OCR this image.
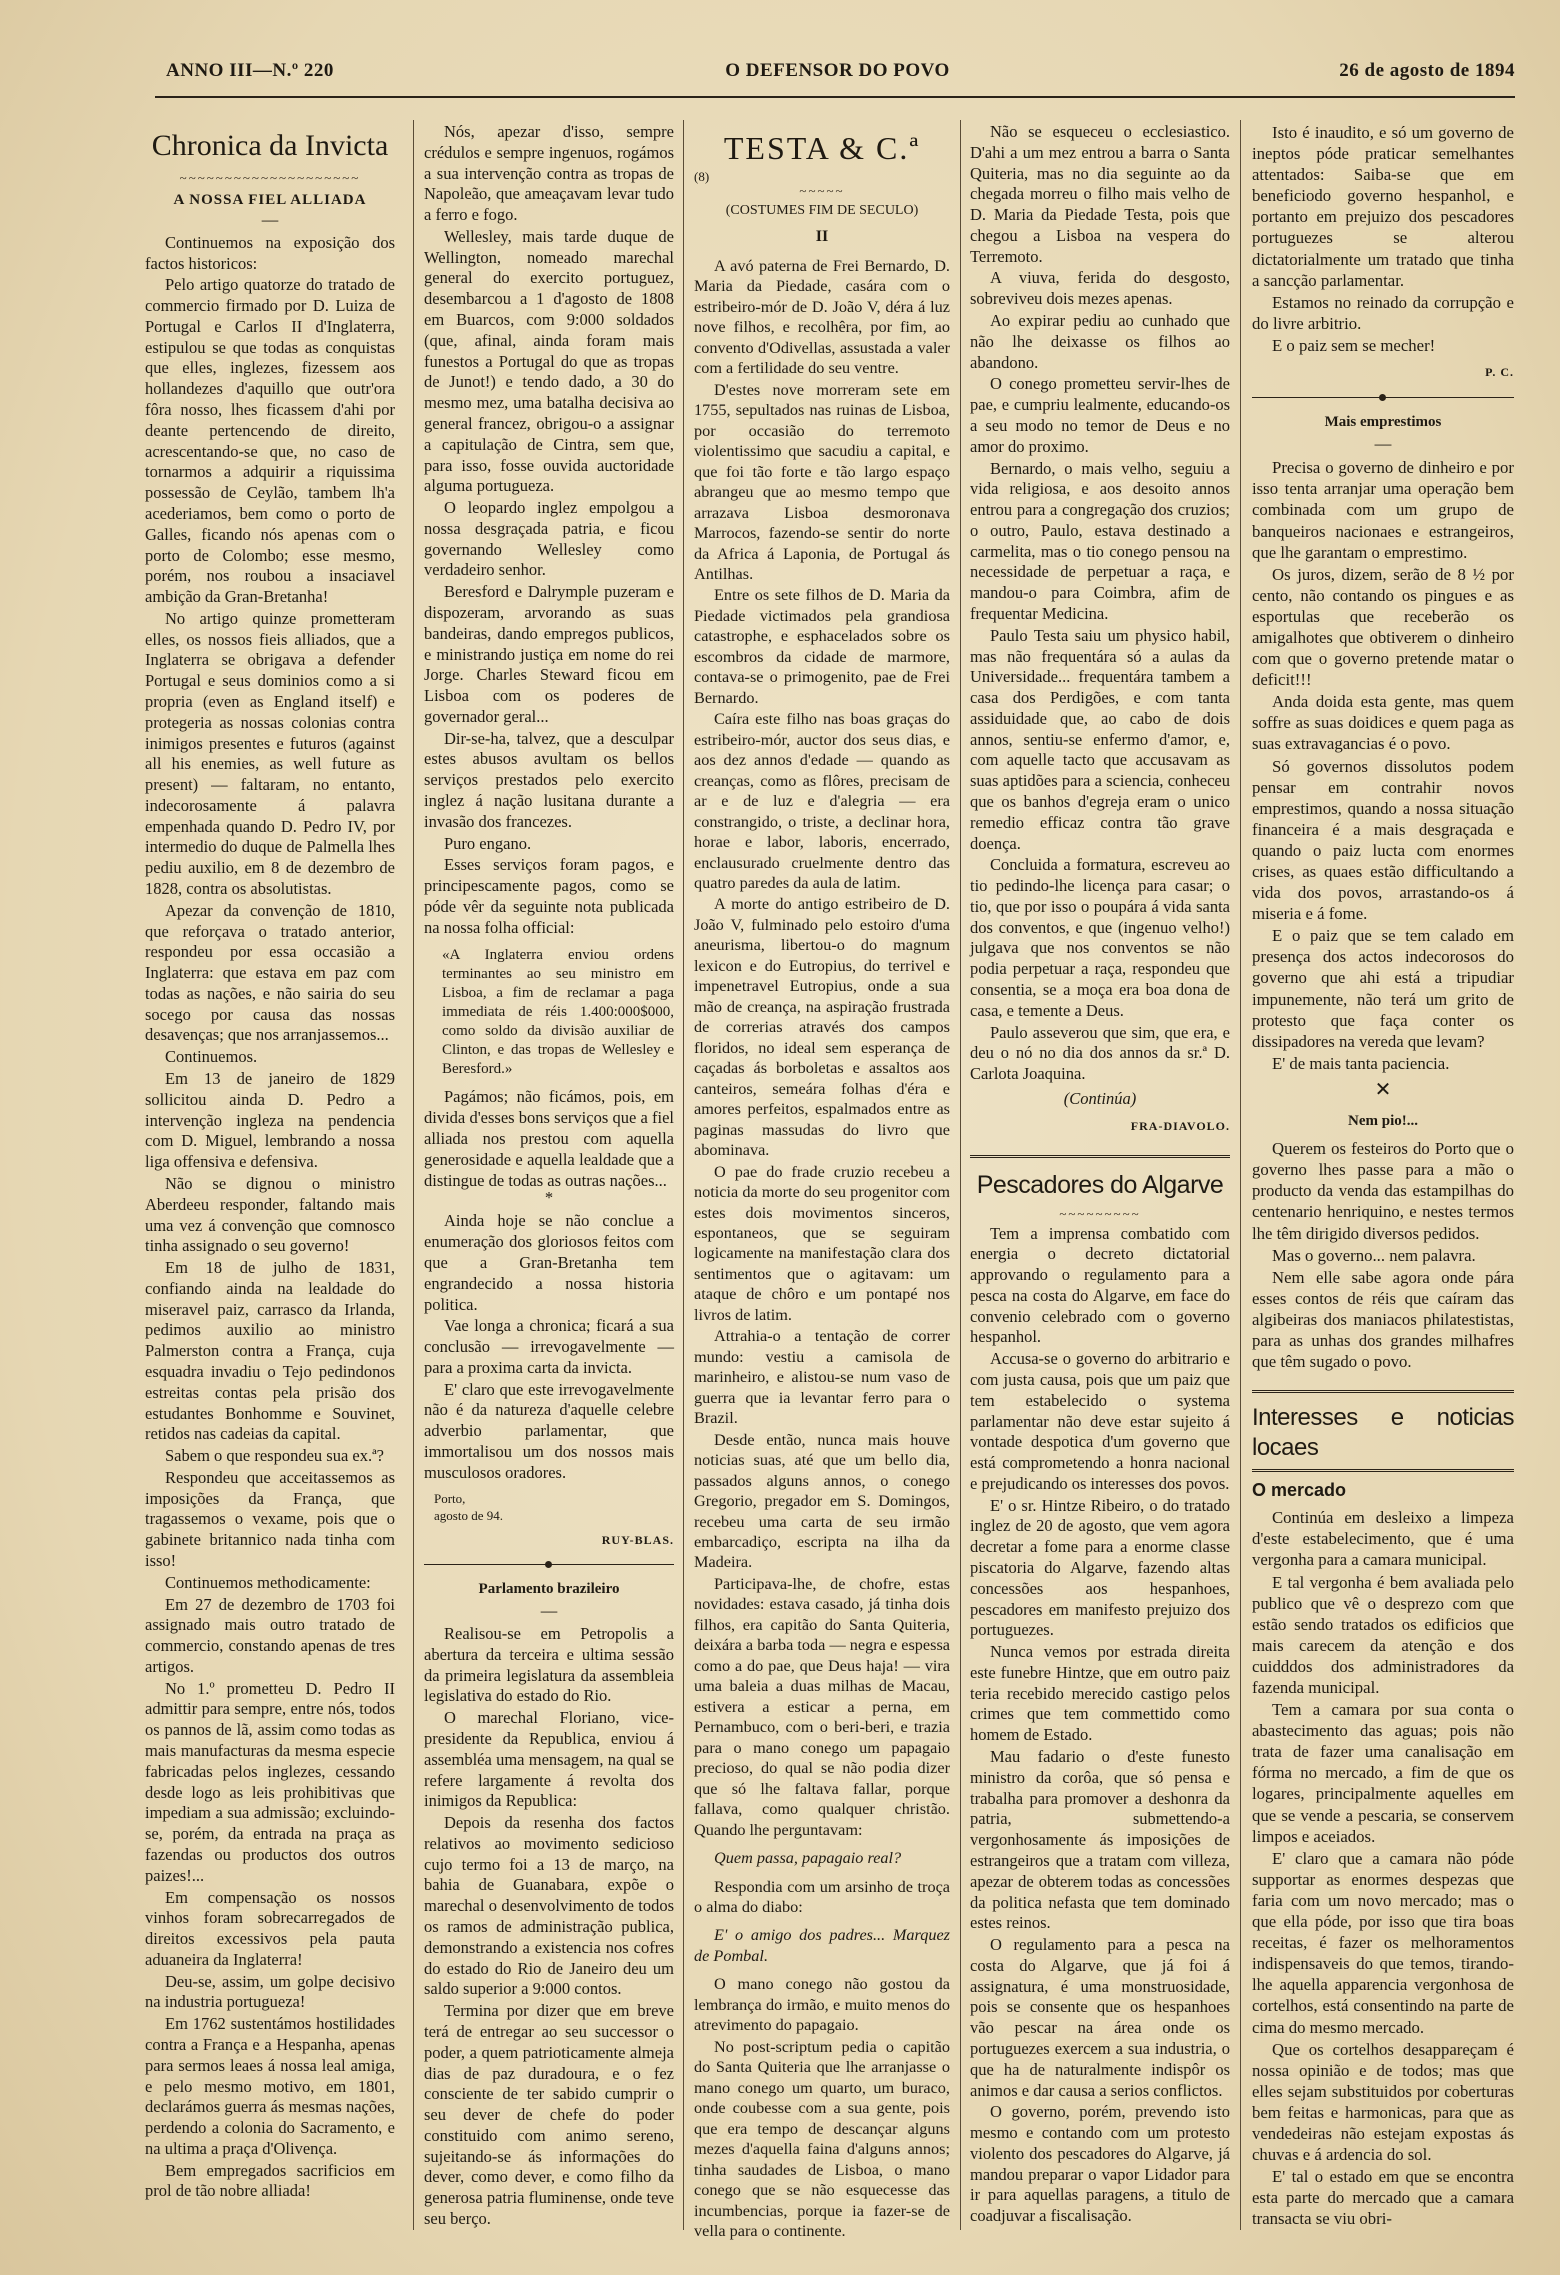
ANNO III—N.º 220	O DEFENSOR DO POVO	26 de agosto de 1894
Chronica da Invicta
~~~~~~~~~~~~~~~~~~~~
A NOSSA FIEL ALLIADA
—

Continuemos na exposição dos factos historicos:

Pelo artigo quatorze do tratado de commercio firmado por D. Luiza de Portugal e Carlos II d'Inglaterra, estipulou se que todas as conquistas que elles, inglezes, fizessem aos hollandezes d'aquillo que outr'ora fôra nosso, lhes ficassem d'ahi por deante pertencendo de direito, acrescentando-se que, no caso de tornarmos a adquirir a riquissima possessão de Ceylão, tambem lh'a acederiamos, bem como o porto de Galles, ficando nós apenas com o porto de Colombo; esse mesmo, porém, nos roubou a insaciavel ambição da Gran-Bretanha!

No artigo quinze prometteram elles, os nossos fieis alliados, que a Inglaterra se obrigava a defender Portugal e seus dominios como a si propria (even as England itself) e protegeria as nossas colonias contra inimigos presentes e futuros (against all his enemies, as well future as present) — faltaram, no entanto, indecorosamente á palavra empenhada quando D. Pedro IV, por intermedio do duque de Palmella lhes pediu auxilio, em 8 de dezembro de 1828, contra os absolutistas.

Apezar da convenção de 1810, que reforçava o tratado anterior, respondeu por essa occasião a Inglaterra: que estava em paz com todas as nações, e não sairia do seu socego por causa das nossas desavenças; que nos arranjassemos...

Continuemos.

Em 13 de janeiro de 1829 sollicitou ainda D. Pedro a intervenção ingleza na pendencia com D. Miguel, lembrando a nossa liga offensiva e defensiva.

Não se dignou o ministro Aberdeeu responder, faltando mais uma vez á convenção que comnosco tinha assignado o seu governo!

Em 18 de julho de 1831, confiando ainda na lealdade do miseravel paiz, carrasco da Irlanda, pedimos auxilio ao ministro Palmerston contra a França, cuja esquadra invadiu o Tejo pedindonos estreitas contas pela prisão dos estudantes Bonhomme e Souvinet, retidos nas cadeias da capital.

Sabem o que respondeu sua ex.ª?

Respondeu que acceitassemos as imposições da França, que tragassemos o vexame, pois que o gabinete britannico nada tinha com isso!

Continuemos methodicamente:

Em 27 de dezembro de 1703 foi assignado mais outro tratado de commercio, constando apenas de tres artigos.

No 1.º prometteu D. Pedro II admittir para sempre, entre nós, todos os pannos de lã, assim como todas as mais manufacturas da mesma especie fabricadas pelos inglezes, cessando desde logo as leis prohibitivas que impediam a sua admissão; excluindo-se, porém, da entrada na praça as fazendas ou productos dos outros paizes!...

Em compensação os nossos vinhos foram sobrecarregados de direitos excessivos pela pauta aduaneira da Inglaterra!

Deu-se, assim, um golpe decisivo na industria portugueza!

Em 1762 sustentámos hostilidades contra a França e a Hespanha, apenas para sermos leaes á nossa leal amiga, e pelo mesmo motivo, em 1801, declarámos guerra ás mesmas nações, perdendo a colonia do Sacramento, e na ultima a praça d'Olivença.

Bem empregados sacrificios em prol de tão nobre alliada!

Nós, apezar d'isso, sempre crédulos e sempre ingenuos, rogámos a sua intervenção contra as tropas de Napoleão, que ameaçavam levar tudo a ferro e fogo.

Wellesley, mais tarde duque de Wellington, nomeado marechal general do exercito portuguez, desembarcou a 1 d'agosto de 1808 em Buarcos, com 9:000 soldados (que, afinal, ainda foram mais funestos a Portugal do que as tropas de Junot!) e tendo dado, a 30 do mesmo mez, uma batalha decisiva ao general francez, obrigou-o a assignar a capitulação de Cintra, sem que, para isso, fosse ouvida auctoridade alguma portugueza.

O leopardo inglez empolgou a nossa desgraçada patria, e ficou governando Wellesley como verdadeiro senhor.

Beresford e Dalrymple puzeram e dispozeram, arvorando as suas bandeiras, dando empregos publicos, e ministrando justiça em nome do rei Jorge. Charles Steward ficou em Lisboa com os poderes de governador geral...

Dir-se-ha, talvez, que a desculpar estes abusos avultam os bellos serviços prestados pelo exercito inglez á nação lusitana durante a invasão dos francezes.

Puro engano.

Esses serviços foram pagos, e principescamente pagos, como se póde vêr da seguinte nota publicada na nossa folha official:

«A Inglaterra enviou ordens terminantes ao seu ministro em Lisboa, a fim de reclamar a paga immediata de réis 1.400:000$000, como soldo da divisão auxiliar de Clinton, e das tropas de Wellesley e Beresford.»

Pagámos; não ficámos, pois, em divida d'esses bons serviços que a fiel alliada nos prestou com aquella generosidade e aquella lealdade que a distingue de todas as outras nações...

*

Ainda hoje se não conclue a enumeração dos gloriosos feitos com que a Gran-Bretanha tem engrandecido a nossa historia politica.

Vae longa a chronica; ficará a sua conclusão — irrevogavelmente — para a proxima carta da invicta.

E' claro que este irrevogavelmente não é da natureza d'aquelle celebre adverbio parlamentar, que immortalisou um dos nossos mais musculosos oradores.

Porto,
agosto de 94.
RUY-BLAS.
Parlamento brazileiro
—

Realisou-se em Petropolis a abertura da terceira e ultima sessão da primeira legislatura da assembleia legislativa do estado do Rio.

O marechal Floriano, vice-presidente da Republica, enviou á assembléa uma mensagem, na qual se refere largamente á revolta dos inimigos da Republica:

Depois da resenha dos factos relativos ao movimento sedicioso cujo termo foi a 13 de março, na bahia de Guanabara, expõe o marechal o desenvolvimento de todos os ramos de administração publica, demonstrando a existencia nos cofres do estado do Rio de Janeiro deu um saldo superior a 9:000 contos.

Termina por dizer que em breve terá de entregar ao seu successor o poder, a quem patrioticamente almeja dias de paz duradoura, e o fez consciente de ter sabido cumprir o seu dever de chefe do poder constituido com animo sereno, sujeitando-se ás informações do dever, como dever, e como filho da generosa patria fluminense, onde teve seu berço.

TESTA & C.ª
(8)
~~~~~
(COSTUMES FIM DE SECULO)
II

A avó paterna de Frei Bernardo, D. Maria da Piedade, casára com o estribeiro-mór de D. João V, déra á luz nove filhos, e recolhêra, por fim, ao convento d'Odivellas, assustada a valer com a fertilidade do seu ventre.

D'estes nove morreram sete em 1755, sepultados nas ruinas de Lisboa, por occasião do terremoto violentissimo que sacudiu a capital, e que foi tão forte e tão largo espaço abrangeu que ao mesmo tempo que arrazava Lisboa desmoronava Marrocos, fazendo-se sentir do norte da Africa á Laponia, de Portugal ás Antilhas.

Entre os sete filhos de D. Maria da Piedade victimados pela grandiosa catastrophe, e esphacelados sobre os escombros da cidade de marmore, contava-se o primogenito, pae de Frei Bernardo.

Caíra este filho nas boas graças do estribeiro-mór, auctor dos seus dias, e aos dez annos d'edade — quando as creanças, como as flôres, precisam de ar e de luz e d'alegria — era constrangido, o triste, a declinar hora, horae e labor, laboris, encerrado, enclausurado cruelmente dentro das quatro paredes da aula de latim.

A morte do antigo estribeiro de D. João V, fulminado pelo estoiro d'uma aneurisma, libertou-o do magnum lexicon e do Eutropius, do terrivel e impenetravel Eutropius, onde a sua mão de creança, na aspiração frustrada de correrias através dos campos floridos, no ideal sem esperança de caçadas ás borboletas e assaltos aos canteiros, semeára folhas d'éra e amores perfeitos, espalmados entre as paginas massudas do livro que abominava.

O pae do frade cruzio recebeu a noticia da morte do seu progenitor com estes dois movimentos sinceros, espontaneos, que se seguiram logicamente na manifestação clara dos sentimentos que o agitavam: um ataque de chôro e um pontapé nos livros de latim.

Attrahia-o a tentação de correr mundo: vestiu a camisola de marinheiro, e alistou-se num vaso de guerra que ia levantar ferro para o Brazil.

Desde então, nunca mais houve noticias suas, até que um bello dia, passados alguns annos, o conego Gregorio, pregador em S. Domingos, recebeu uma carta de seu irmão embarcadiço, escripta na ilha da Madeira.

Participava-lhe, de chofre, estas novidades: estava casado, já tinha dois filhos, era capitão do Santa Quiteria, deixára a barba toda — negra e espessa como a do pae, que Deus haja! — vira uma baleia a duas milhas de Macau, estivera a esticar a perna, em Pernambuco, com o beri-beri, e trazia para o mano conego um papagaio precioso, do qual se não podia dizer que só lhe faltava fallar, porque fallava, como qualquer christão. Quando lhe perguntavam:

Quem passa, papagaio real?

Respondia com um arsinho de troça o alma do diabo:

E' o amigo dos padres... Marquez de Pombal.

O mano conego não gostou da lembrança do irmão, e muito menos do atrevimento do papagaio.

No post-scriptum pedia o capitão do Santa Quiteria que lhe arranjasse o mano conego um quarto, um buraco, onde coubesse com a sua gente, pois que era tempo de descançar alguns mezes d'aquella faina d'alguns annos; tinha saudades de Lisboa, o mano conego que se não esquecesse das incumbencias, porque ia fazer-se de vella para o continente.

Não se esqueceu o ecclesiastico. D'ahi a um mez entrou a barra o Santa Quiteria, mas no dia seguinte ao da chegada morreu o filho mais velho de D. Maria da Piedade Testa, pois que chegou a Lisboa na vespera do Terremoto.

A viuva, ferida do desgosto, sobreviveu dois mezes apenas.

Ao expirar pediu ao cunhado que não lhe deixasse os filhos ao abandono.

O conego prometteu servir-lhes de pae, e cumpriu lealmente, educando-os a seu modo no temor de Deus e no amor do proximo.

Bernardo, o mais velho, seguiu a vida religiosa, e aos desoito annos entrou para a congregação dos cruzios; o outro, Paulo, estava destinado a carmelita, mas o tio conego pensou na necessidade de perpetuar a raça, e mandou-o para Coimbra, afim de frequentar Medicina.

Paulo Testa saiu um physico habil, mas não frequentára só a aulas da Universidade... frequentára tambem a casa dos Perdigões, e com tanta assiduidade que, ao cabo de dois annos, sentiu-se enfermo d'amor, e, com aquelle tacto que accusavam as suas aptidões para a sciencia, conheceu que os banhos d'egreja eram o unico remedio efficaz contra tão grave doença.

Concluida a formatura, escreveu ao tio pedindo-lhe licença para casar; o tio, que por isso o poupára á vida santa dos conventos, e que (ingenuo velho!) julgava que nos conventos se não podia perpetuar a raça, respondeu que consentia, se a moça era boa dona de casa, e temente a Deus.

Paulo asseverou que sim, que era, e deu o nó no dia dos annos da sr.ª D. Carlota Joaquina.

(Continúa)
FRA-DIAVOLO.
Pescadores do Algarve
~~~~~~~~~

Tem a imprensa combatido com energia o decreto dictatorial approvando o regulamento para a pesca na costa do Algarve, em face do convenio celebrado com o governo hespanhol.

Accusa-se o governo do arbitrario e com justa causa, pois que um paiz que tem estabelecido o systema parlamentar não deve estar sujeito á vontade despotica d'um governo que está comprometendo a honra nacional e prejudicando os interesses dos povos.

E' o sr. Hintze Ribeiro, o do tratado inglez de 20 de agosto, que vem agora decretar a fome para a enorme classe piscatoria do Algarve, fazendo altas concessões aos hespanhoes, pescadores em manifesto prejuizo dos portuguezes.

Nunca vemos por estrada direita este funebre Hintze, que em outro paiz teria recebido merecido castigo pelos crimes que tem commettido como homem de Estado.

Mau fadario o d'este funesto ministro da corôa, que só pensa e trabalha para promover a deshonra da patria, submettendo-a vergonhosamente ás imposições de estrangeiros que a tratam com villeza, apezar de obterem todas as concessões da politica nefasta que tem dominado estes reinos.

O regulamento para a pesca na costa do Algarve, que já foi á assignatura, é uma monstruosidade, pois se consente que os hespanhoes vão pescar na área onde os portuguezes exercem a sua industria, o que ha de naturalmente indispôr os animos e dar causa a serios conflictos.

O governo, porém, prevendo isto mesmo e contando com um protesto violento dos pescadores do Algarve, já mandou preparar o vapor Lidador para ir para aquellas paragens, a titulo de coadjuvar a fiscalisação.

Isto é inaudito, e só um governo de ineptos póde praticar semelhantes attentados: Saiba-se que em beneficiodo governo hespanhol, e portanto em prejuizo dos pescadores portuguezes se alterou dictatorialmente um tratado que tinha a sancção parlamentar.

Estamos no reinado da corrupção e do livre arbitrio.

E o paiz sem se mecher!

P. C.
Mais emprestimos
—

Precisa o governo de dinheiro e por isso tenta arranjar uma operação bem combinada com um grupo de banqueiros nacionaes e estrangeiros, que lhe garantam o emprestimo.

Os juros, dizem, serão de 8 ½ por cento, não contando os pingues e as esportulas que receberão os amigalhotes que obtiverem o dinheiro com que o governo pretende matar o deficit!!!

Anda doida esta gente, mas quem soffre as suas doidices e quem paga as suas extravagancias é o povo.

Só governos dissolutos podem pensar em contrahir novos emprestimos, quando a nossa situação financeira é a mais desgraçada e quando o paiz lucta com enormes crises, as quaes estão difficultando a vida dos povos, arrastando-os á miseria e á fome.

E o paiz que se tem calado em presença dos actos indecorosos do governo que ahi está a tripudiar impunemente, não terá um grito de protesto que faça conter os dissipadores na vereda que levam?

E' de mais tanta paciencia.

✕
Nem pio!...

Querem os festeiros do Porto que o governo lhes passe para a mão o producto da venda das estampilhas do centenario henriquino, e nestes termos lhe têm dirigido diversos pedidos.

Mas o governo... nem palavra.

Nem elle sabe agora onde pára esses contos de réis que caíram das algibeiras dos maniacos philatestistas, para as unhas dos grandes milhafres que têm sugado o povo.

Interesses e noticias locaes
O mercado

Continúa em desleixo a limpeza d'este estabelecimento, que é uma vergonha para a camara municipal.

E tal vergonha é bem avaliada pelo publico que vê o desprezo com que estão sendo tratados os edificios que mais carecem da atenção e dos cuidddos dos administradores da fazenda municipal.

Tem a camara por sua conta o abastecimento das aguas; pois não trata de fazer uma canalisação em fórma no mercado, a fim de que os logares, principalmente aquelles em que se vende a pescaria, se conservem limpos e aceiados.

E' claro que a camara não póde supportar as enormes despezas que faria com um novo mercado; mas o que ella póde, por isso que tira boas receitas, é fazer os melhoramentos indispensaveis do que temos, tirando-lhe aquella apparencia vergonhosa de cortelhos, está consentindo na parte de cima do mesmo mercado.

Que os cortelhos desappareçam é nossa opinião e de todos; mas que elles sejam substituidos por coberturas bem feitas e harmonicas, para que as vendedeiras não estejam expostas ás chuvas e á ardencia do sol.

E' tal o estado em que se encontra esta parte do mercado que a camara transacta se viu obri-
